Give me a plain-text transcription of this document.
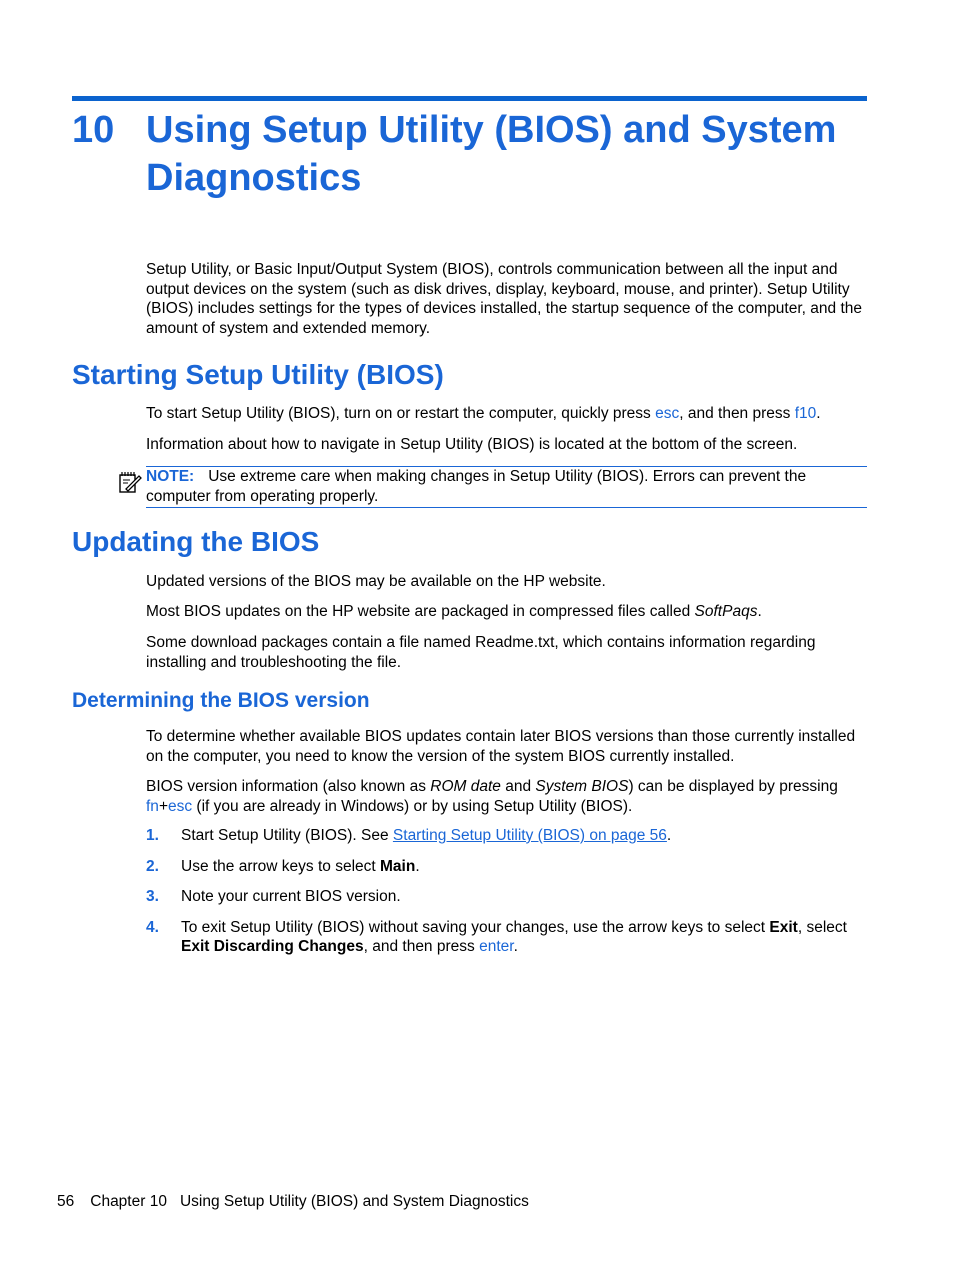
10 Using Setup Utility (BIOS) and System Diagnostics

Setup Utility, or Basic Input/Output System (BIOS), controls communication between all the input and output devices on the system (such as disk drives, display, keyboard, mouse, and printer). Setup Utility (BIOS) includes settings for the types of devices installed, the startup sequence of the computer, and the amount of system and extended memory.

Starting Setup Utility (BIOS)

To start Setup Utility (BIOS), turn on or restart the computer, quickly press esc, and then press f10.

Information about how to navigate in Setup Utility (BIOS) is located at the bottom of the screen.

NOTE: Use extreme care when making changes in Setup Utility (BIOS). Errors can prevent the computer from operating properly.
Updating the BIOS

Updated versions of the BIOS may be available on the HP website.

Most BIOS updates on the HP website are packaged in compressed files called SoftPaqs.

Some download packages contain a file named Readme.txt, which contains information regarding installing and troubleshooting the file.

Determining the BIOS version

To determine whether available BIOS updates contain later BIOS versions than those currently installed on the computer, you need to know the version of the system BIOS currently installed.

BIOS version information (also known as ROM date and System BIOS) can be displayed by pressing fn+esc (if you are already in Windows) or by using Setup Utility (BIOS).

1. Start Setup Utility (BIOS). See Starting Setup Utility (BIOS) on page 56.
2. Use the arrow keys to select Main.
3. Note your current BIOS version.
4. To exit Setup Utility (BIOS) without saving your changes, use the arrow keys to select Exit, select Exit Discarding Changes, and then press enter.
56 Chapter 10 Using Setup Utility (BIOS) and System Diagnostics
